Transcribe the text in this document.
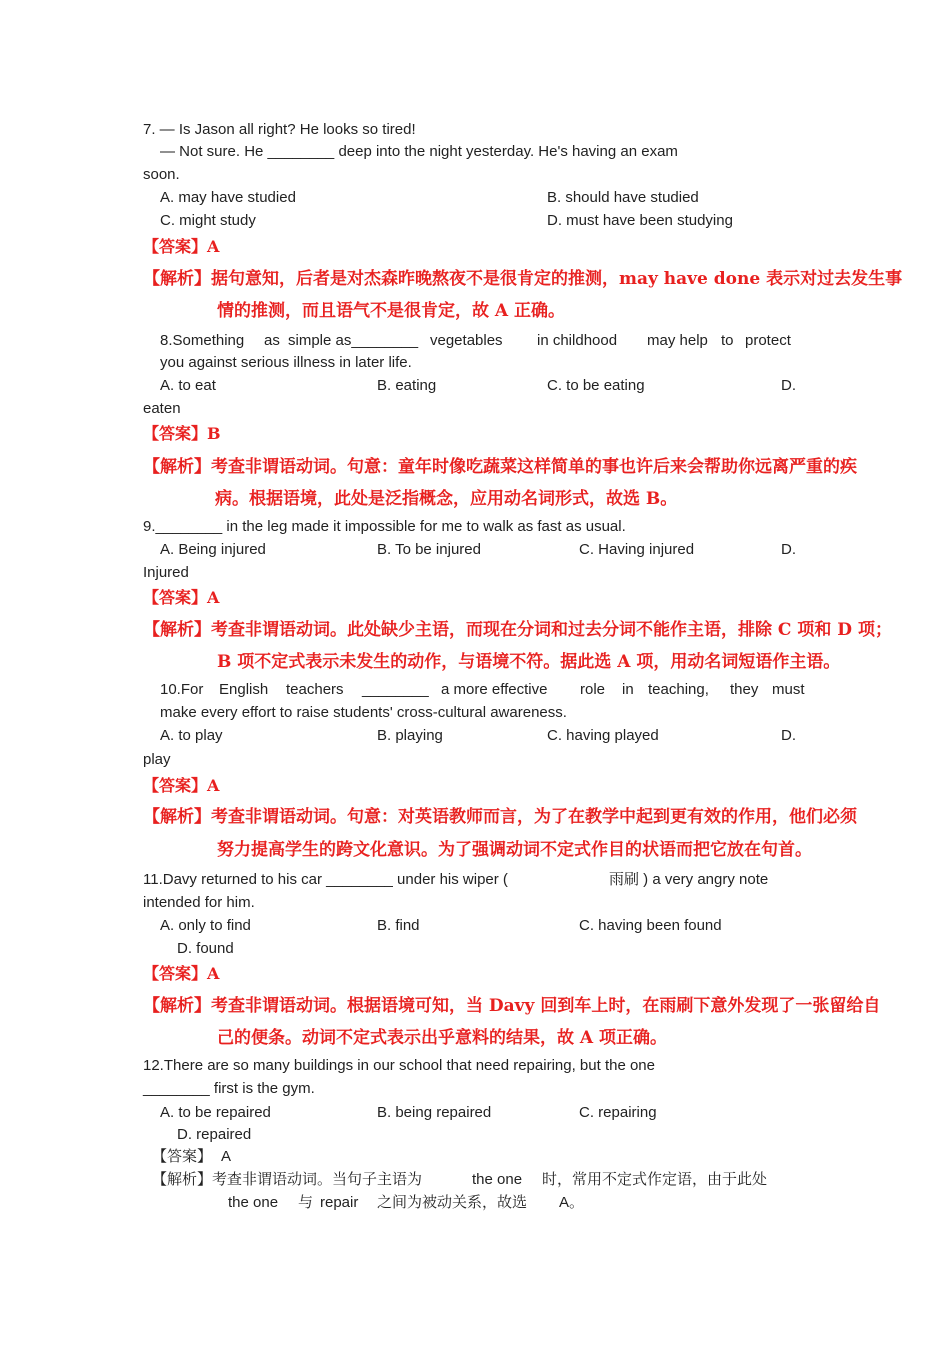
7. — Is Jason all right? He looks so tired!
— Not sure. He ________ deep into the night yesterday. He's having an exam
soon.
A. may have studied	B. should have studied
C. might study	D. must have been studying
【答案】A
【解析】据句意知，后者是对杰森昨晚熬夜不是很肯定的推测，may have done 表示对过去发生事
情的推测，而且语气不是很肯定，故 A 正确。
8.Something as simple as________ vegetables in childhood may help to protect
you against serious illness in later life.
A. to eat	B. eating	C. to be eating	D.
eaten
【答案】B
【解析】考查非谓语动词。句意：童年时像吃蔬菜这样简单的事也许后来会帮助你远离严重的疾
病。根据语境，此处是泛指概念，应用动名词形式，故选 B。
9.________ in the leg made it impossible for me to walk as fast as usual.
A. Being injured	B. To be injured	C. Having injured	D.
Injured
【答案】A
【解析】考查非谓语动词。此处缺少主语，而现在分词和过去分词不能作主语，排除 C 项和 D 项；
B 项不定式表示未发生的动作，与语境不符。据此选 A 项，用动名词短语作主语。
10.For English teachers ________ a more effective role in teaching, they must
make every effort to raise students' cross-cultural awareness.
A. to play	B. playing	C. having played	D.
play
【答案】A
【解析】考查非谓语动词。句意：对英语教师而言，为了在教学中起到更有效的作用，他们必须
努力提高学生的跨文化意识。为了强调动词不定式作目的状语而把它放在句首。
11.Davy returned to his car ________ under his wiper (	雨刷 ) a very angry note
intended for him.
A. only to find	B. find	C. having been found
D. found
【答案】A
【解析】考查非谓语动词。根据语境可知，当 Davy 回到车上时，在雨刷下意外发现了一张留给自
己的便条。动词不定式表示出乎意料的结果，故 A 项正确。
12.There are so many buildings in our school that need repairing, but the one
________ first is the gym.
A. to be repaired	B. being repaired	C. repairing
D. repaired
【答案】 A
【解析】考查非谓语动词。当句子主语为	the one 时，常用不定式作定语，由于此处
the one 与 repair 之间为被动关系，故选 A。
